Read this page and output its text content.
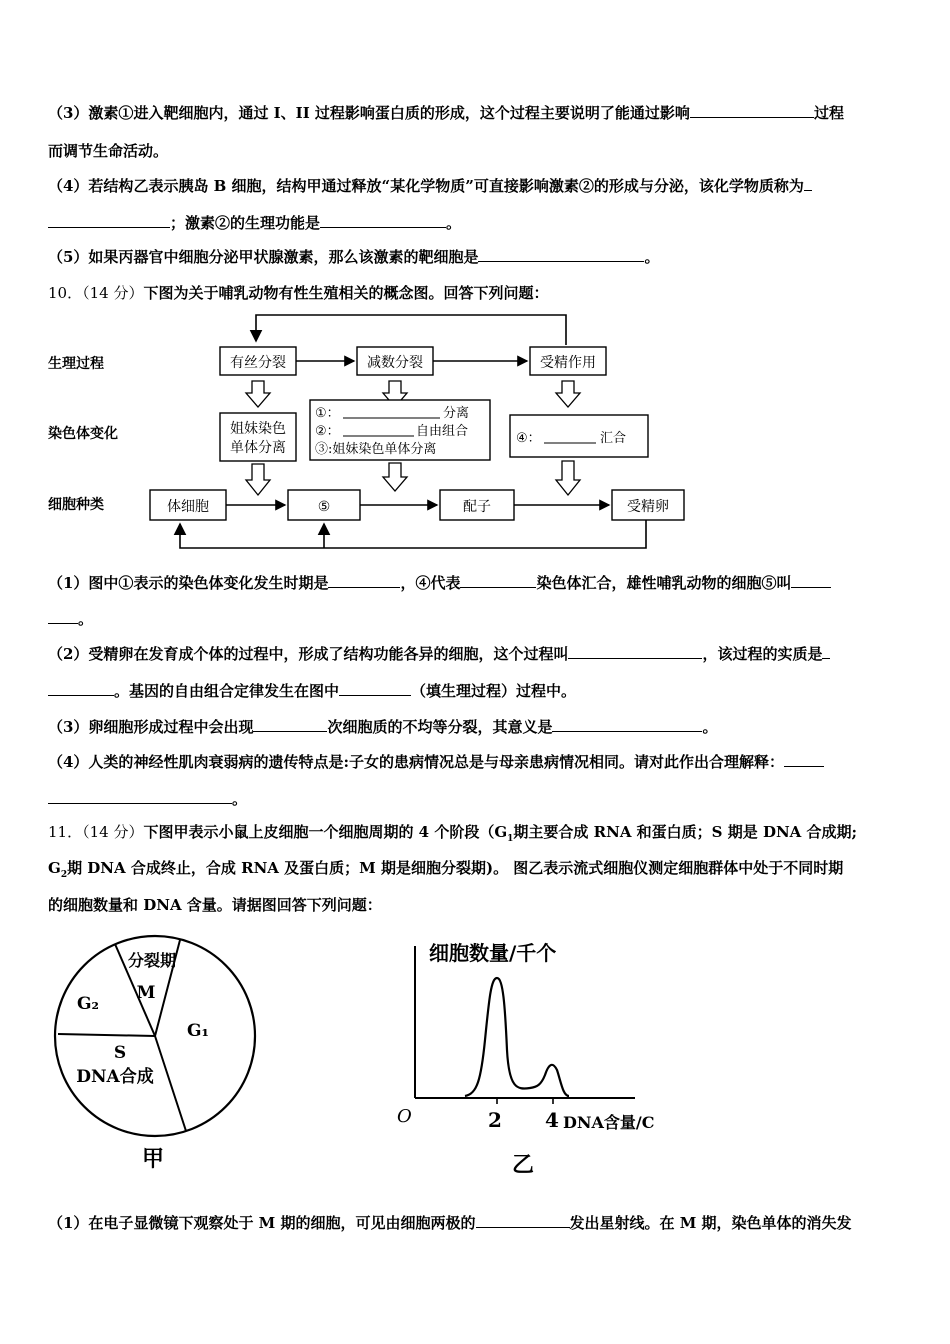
（3）激素①进入靶细胞内，通过 I、II 过程影响蛋白质的形成，这个过程主要说明了能通过影响	过程
而调节生命活动。
（4）若结构乙表示胰岛 B 细胞，结构甲通过释放“某化学物质”可直接影响激素②的形成与分泌，该化学物质称为
；激素②的生理功能是	。
（5）如果丙器官中细胞分泌甲状腺激素，那么该激素的靶细胞是	。
10．（14 分）下图为关于哺乳动物有性生殖相关的概念图。回答下列问题：
生理过程
染色体变化
细胞种类
有丝分裂	减数分裂	受精作用
姐妹染色
单体分离
①：	分离
②：	自由组合
③:姐妹染色单体分离
④：	汇合
体细胞	⑤	配子	受精卵
（1）图中①表示的染色体变化发生时期是	，④代表	染色体汇合，雄性哺乳动物的细胞⑤叫
。
（2）受精卵在发育成个体的过程中，形成了结构功能各异的细胞，这个过程叫	，该过程的实质是
。基因的自由组合定律发生在图中	（填生理过程）过程中。
（3）卵细胞形成过程中会出现	次细胞质的不均等分裂，其意义是	。
（4）人类的神经性肌肉衰弱病的遗传特点是:子女的患病情况总是与母亲患病情况相同。请对此作出合理解释：
。
11．（14 分）下图甲表示小鼠上皮细胞一个细胞周期的 4 个阶段（$G_1$期主要合成 RNA 和蛋白质；S 期是 DNA 合成期;
$G_2$期 DNA 合成终止，合成 RNA 及蛋白质；M 期是细胞分裂期)。 图乙表示流式细胞仪测定细胞群体中处于不同时期
的细胞数量和 DNA 含量。请据图回答下列问题：
分裂期
M
G₂
G₁
S
DNA合成
甲
细胞数量/千个
O	2 4 DNA含量/C
乙
（1）在电子显微镜下观察处于 M 期的细胞，可见由细胞两极的	发出星射线。在 M 期，染色单体的消失发
